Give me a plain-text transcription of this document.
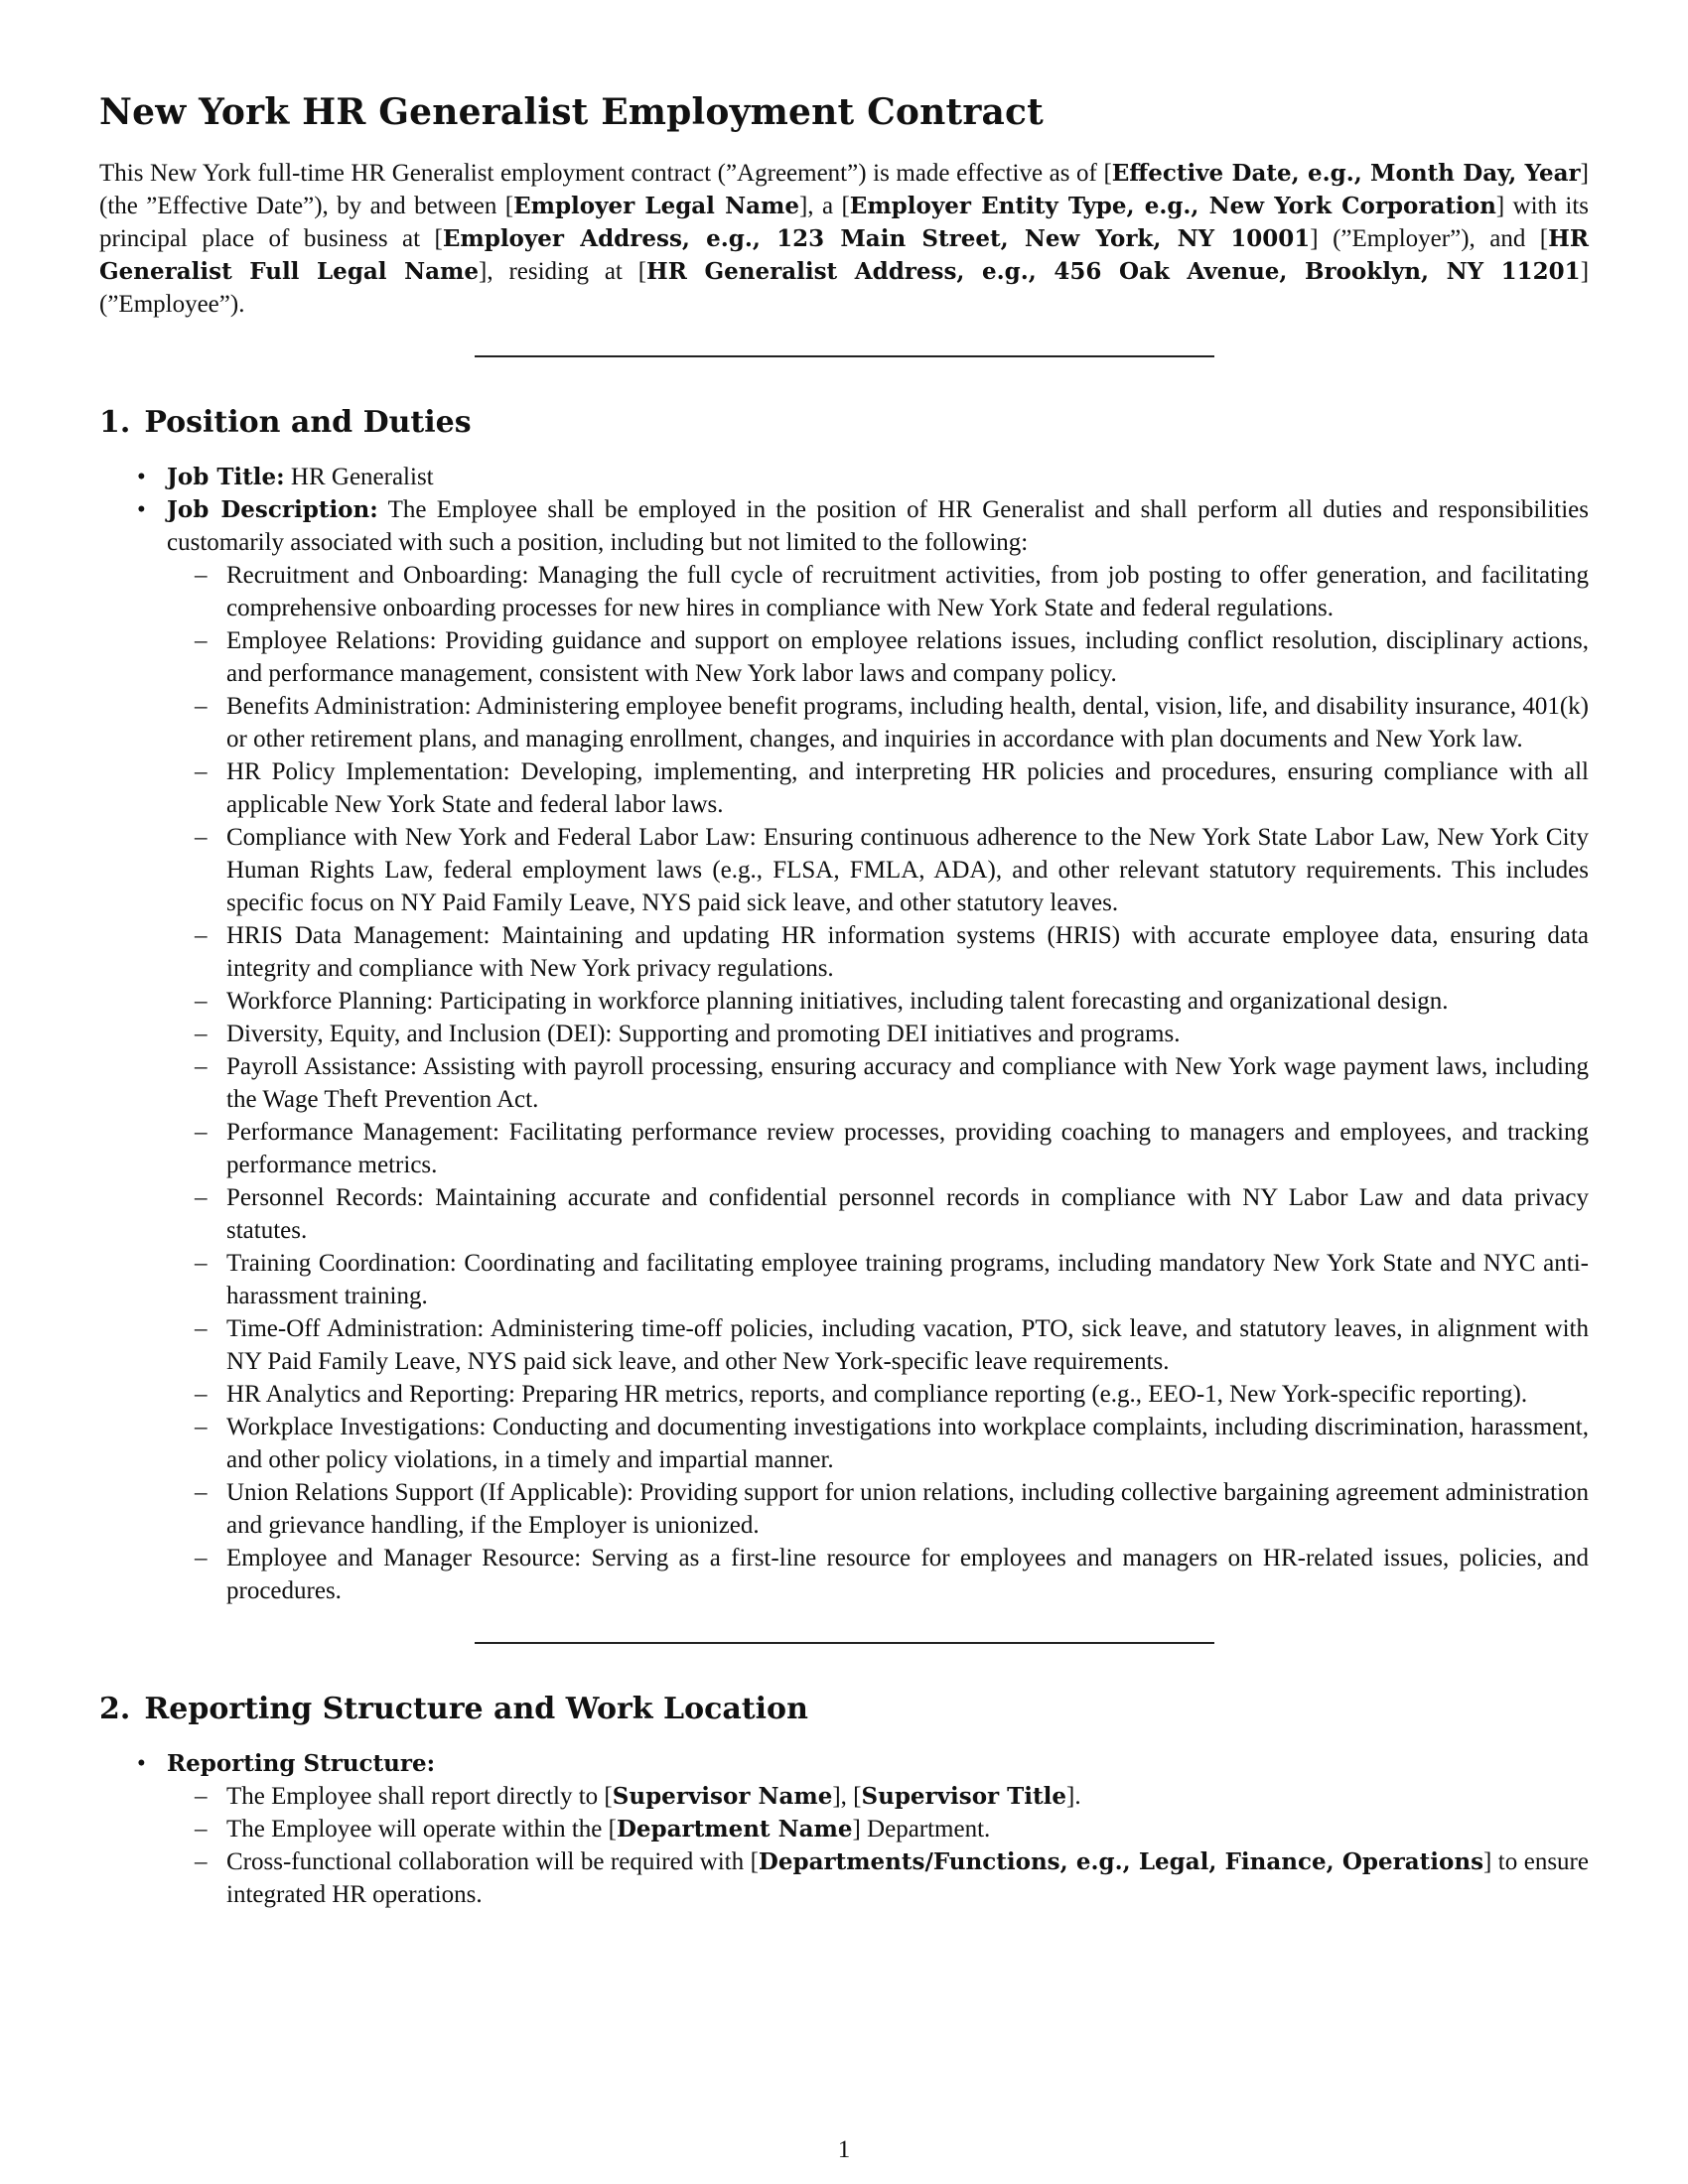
New York HR Generalist Employment Contract

This New York full-time HR Generalist employment contract (”Agreement”) is made effective as of [Effective Date, e.g., Month Day, Year] (the ”Effective Date”), by and between [Employer Legal Name], a [Employer Entity Type, e.g., New York Corporation] with its principal place of business at [Employer Address, e.g., 123 Main Street, New York, NY 10001] (”Employer”), and [HR Generalist Full Legal Name], residing at [HR Generalist Address, e.g., 456 Oak Avenue, Brooklyn, NY 11201] (”Employee”).

1. Position and Duties
• Job Title: HR Generalist
• Job Description: The Employee shall be employed in the position of HR Generalist and shall perform all duties and responsibilities customarily associated with such a position, including but not limited to the following:
– Recruitment and Onboarding: Managing the full cycle of recruitment activities, from job posting to offer generation, and facilitating comprehensive onboarding processes for new hires in compliance with New York State and federal regulations.
– Employee Relations: Providing guidance and support on employee relations issues, including conflict resolution, disciplinary actions, and performance management, consistent with New York labor laws and company policy.
– Benefits Administration: Administering employee benefit programs, including health, dental, vision, life, and disability insurance, 401(k) or other retirement plans, and managing enrollment, changes, and inquiries in accordance with plan documents and New York law.
– HR Policy Implementation: Developing, implementing, and interpreting HR policies and procedures, ensuring compliance with all applicable New York State and federal labor laws.
– Compliance with New York and Federal Labor Law: Ensuring continuous adherence to the New York State Labor Law, New York City Human Rights Law, federal employment laws (e.g., FLSA, FMLA, ADA), and other relevant statutory requirements. This includes specific focus on NY Paid Family Leave, NYS paid sick leave, and other statutory leaves.
– HRIS Data Management: Maintaining and updating HR information systems (HRIS) with accurate employee data, ensuring data integrity and compliance with New York privacy regulations.
– Workforce Planning: Participating in workforce planning initiatives, including talent forecasting and organizational design.
– Diversity, Equity, and Inclusion (DEI): Supporting and promoting DEI initiatives and programs.
– Payroll Assistance: Assisting with payroll processing, ensuring accuracy and compliance with New York wage payment laws, including the Wage Theft Prevention Act.
– Performance Management: Facilitating performance review processes, providing coaching to managers and employees, and tracking performance metrics.
– Personnel Records: Maintaining accurate and confidential personnel records in compliance with NY Labor Law and data privacy statutes.
– Training Coordination: Coordinating and facilitating employee training programs, including mandatory New York State and NYC anti-harassment training.
– Time-Off Administration: Administering time-off policies, including vacation, PTO, sick leave, and statutory leaves, in alignment with NY Paid Family Leave, NYS paid sick leave, and other New York-specific leave requirements.
– HR Analytics and Reporting: Preparing HR metrics, reports, and compliance reporting (e.g., EEO-1, New York-specific reporting).
– Workplace Investigations: Conducting and documenting investigations into workplace complaints, including discrimination, harassment, and other policy violations, in a timely and impartial manner.
– Union Relations Support (If Applicable): Providing support for union relations, including collective bargaining agreement administration and grievance handling, if the Employer is unionized.
– Employee and Manager Resource: Serving as a first-line resource for employees and managers on HR-related issues, policies, and procedures.
2. Reporting Structure and Work Location
• Reporting Structure:
– The Employee shall report directly to [Supervisor Name], [Supervisor Title].
– The Employee will operate within the [Department Name] Department.
– Cross-functional collaboration will be required with [Departments/Functions, e.g., Legal, Finance, Operations] to ensure integrated HR operations.
1
